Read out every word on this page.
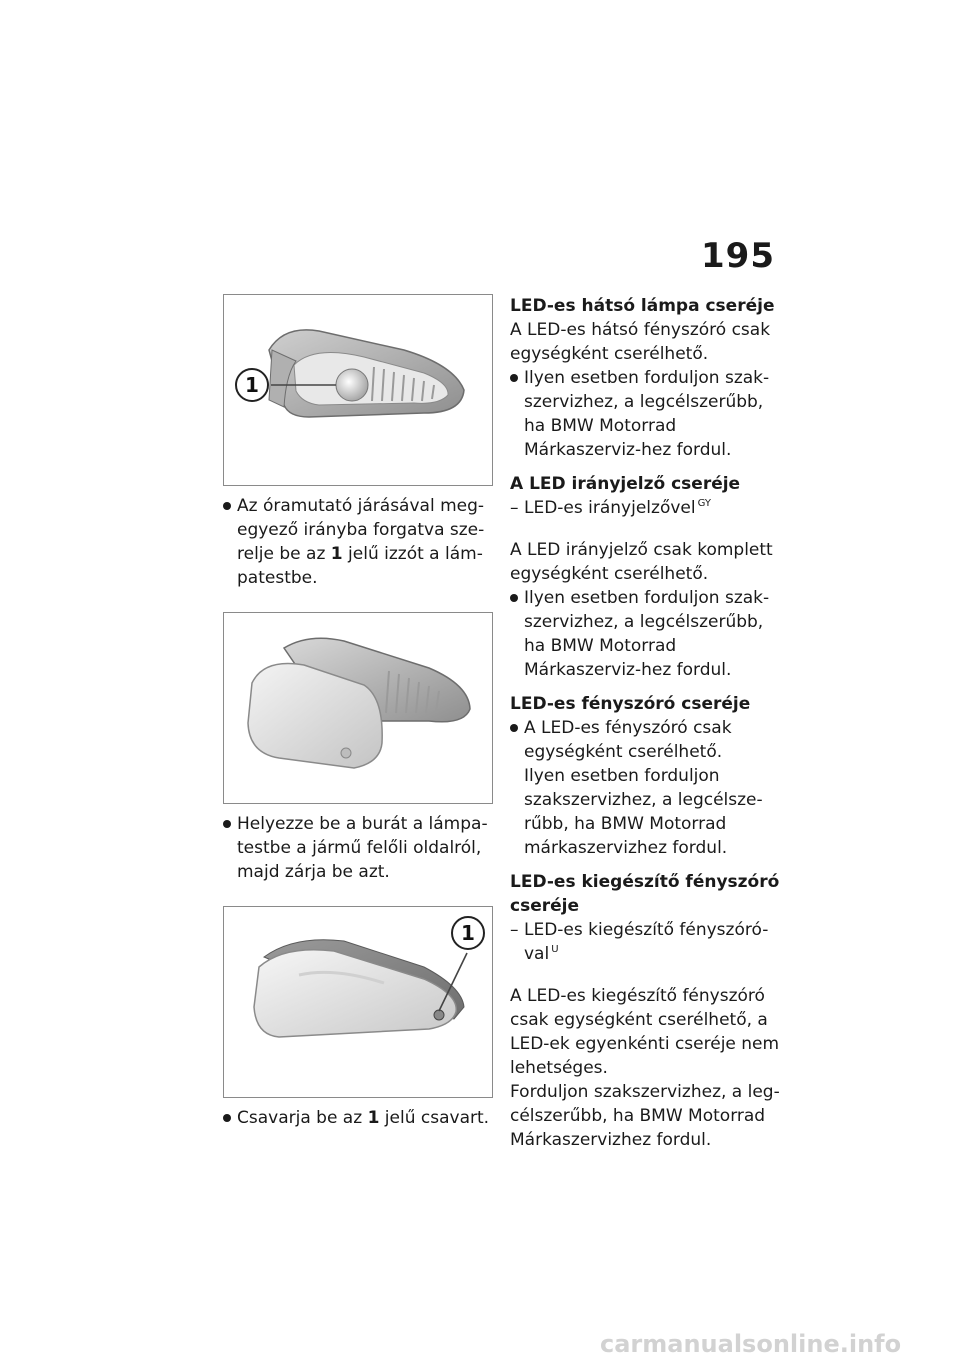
195
1

Az óramutató járásával meg-egyező irányba forgatva sze-relje be az 1 jelű izzót a lám-patestbe.

Helyezze be a burát a lámpa-testbe a jármű felőli oldalról, majd zárja be azt.

1

Csavarja be az 1 jelű csavart.

LED-es hátsó lámpa cseréje

A LED-es hátsó fényszóró csak egységként cserélhető.

Ilyen esetben forduljon szak-szervizhez, a legcélszerűbb, ha BMW Motorrad Márkaszerviz-hez fordul.

A LED irányjelző cseréje

– LED-es irányjelzővel $^{GY}$

A LED irányjelző csak komplett egységként cserélhető.

Ilyen esetben forduljon szak-szervizhez, a legcélszerűbb, ha BMW Motorrad Márkaszerviz-hez fordul.

LED-es fényszóró cseréje

A LED-es fényszóró csak egységként cserélhető.

Ilyen esetben forduljon szakszervizhez, a legcélsze-rűbb, ha BMW Motorrad márkaszervizhez fordul.

LED-es kiegészítő fényszóró cseréje

– LED-es kiegészítő fényszóró-val $^U$

A LED-es kiegészítő fényszóró csak egységként cserélhető, a LED-ek egyenkénti cseréje nem lehetséges.

Forduljon szakszervizhez, a leg-célszerűbb, ha BMW Motorrad Márkaszervizhez fordul.

carmanualsonline.info
